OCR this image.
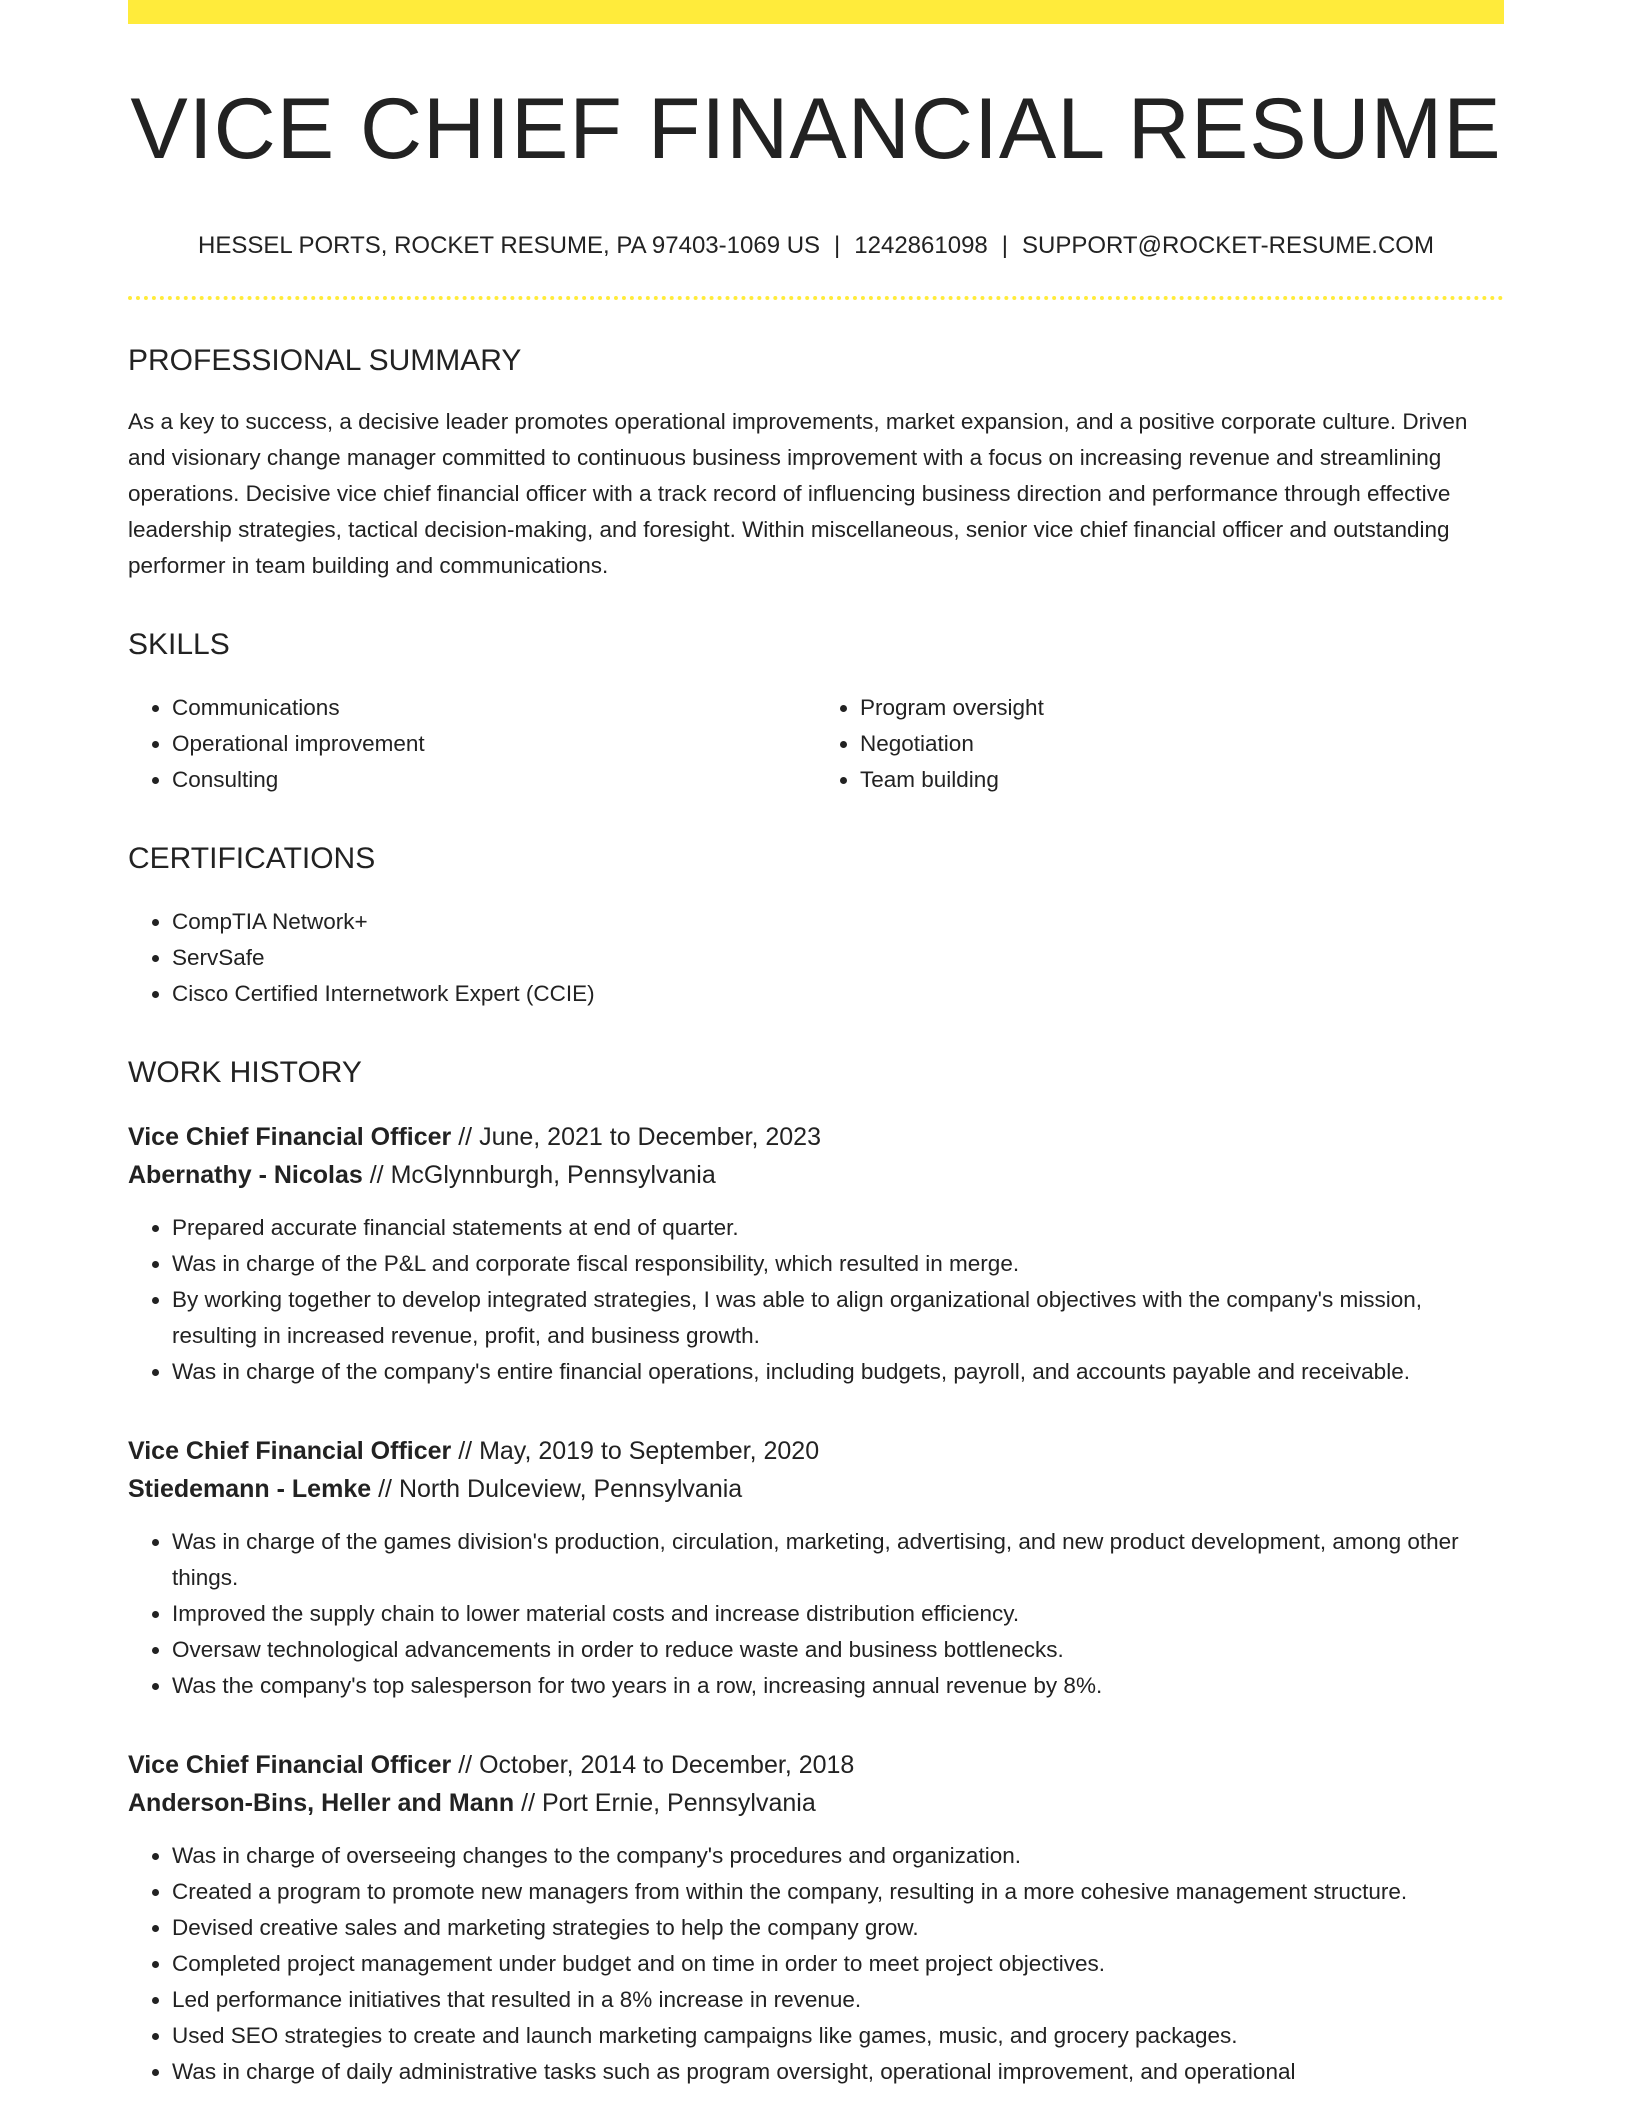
VICE CHIEF FINANCIAL RESUME
HESSEL PORTS, ROCKET RESUME, PA 97403-1069 US | 1242861098 | SUPPORT@ROCKET-RESUME.COM
PROFESSIONAL SUMMARY

As a key to success, a decisive leader promotes operational improvements, market expansion, and a positive corporate culture. Driven and visionary change manager committed to continuous business improvement with a focus on increasing revenue and streamlining operations. Decisive vice chief financial officer with a track record of influencing business direction and performance through effective leadership strategies, tactical decision-making, and foresight. Within miscellaneous, senior vice chief financial officer and outstanding performer in team building and communications.

SKILLS
• Communications
• Operational improvement
• Consulting
• Program oversight
• Negotiation
• Team building
CERTIFICATIONS
• CompTIA Network+
• ServSafe
• Cisco Certified Internetwork Expert (CCIE)
WORK HISTORY
Vice Chief Financial Officer // June, 2021 to December, 2023
Abernathy - Nicolas // McGlynnburgh, Pennsylvania
• Prepared accurate financial statements at end of quarter.
• Was in charge of the P&L and corporate fiscal responsibility, which resulted in merge.
• By working together to develop integrated strategies, I was able to align organizational objectives with the company's mission, resulting in increased revenue, profit, and business growth.
• Was in charge of the company's entire financial operations, including budgets, payroll, and accounts payable and receivable.
Vice Chief Financial Officer // May, 2019 to September, 2020
Stiedemann - Lemke // North Dulceview, Pennsylvania
• Was in charge of the games division's production, circulation, marketing, advertising, and new product development, among other things.
• Improved the supply chain to lower material costs and increase distribution efficiency.
• Oversaw technological advancements in order to reduce waste and business bottlenecks.
• Was the company's top salesperson for two years in a row, increasing annual revenue by 8%.
Vice Chief Financial Officer // October, 2014 to December, 2018
Anderson-Bins, Heller and Mann // Port Ernie, Pennsylvania
• Was in charge of overseeing changes to the company's procedures and organization.
• Created a program to promote new managers from within the company, resulting in a more cohesive management structure.
• Devised creative sales and marketing strategies to help the company grow.
• Completed project management under budget and on time in order to meet project objectives.
• Led performance initiatives that resulted in a 8% increase in revenue.
• Used SEO strategies to create and launch marketing campaigns like games, music, and grocery packages.
• Was in charge of daily administrative tasks such as program oversight, operational improvement, and operational
